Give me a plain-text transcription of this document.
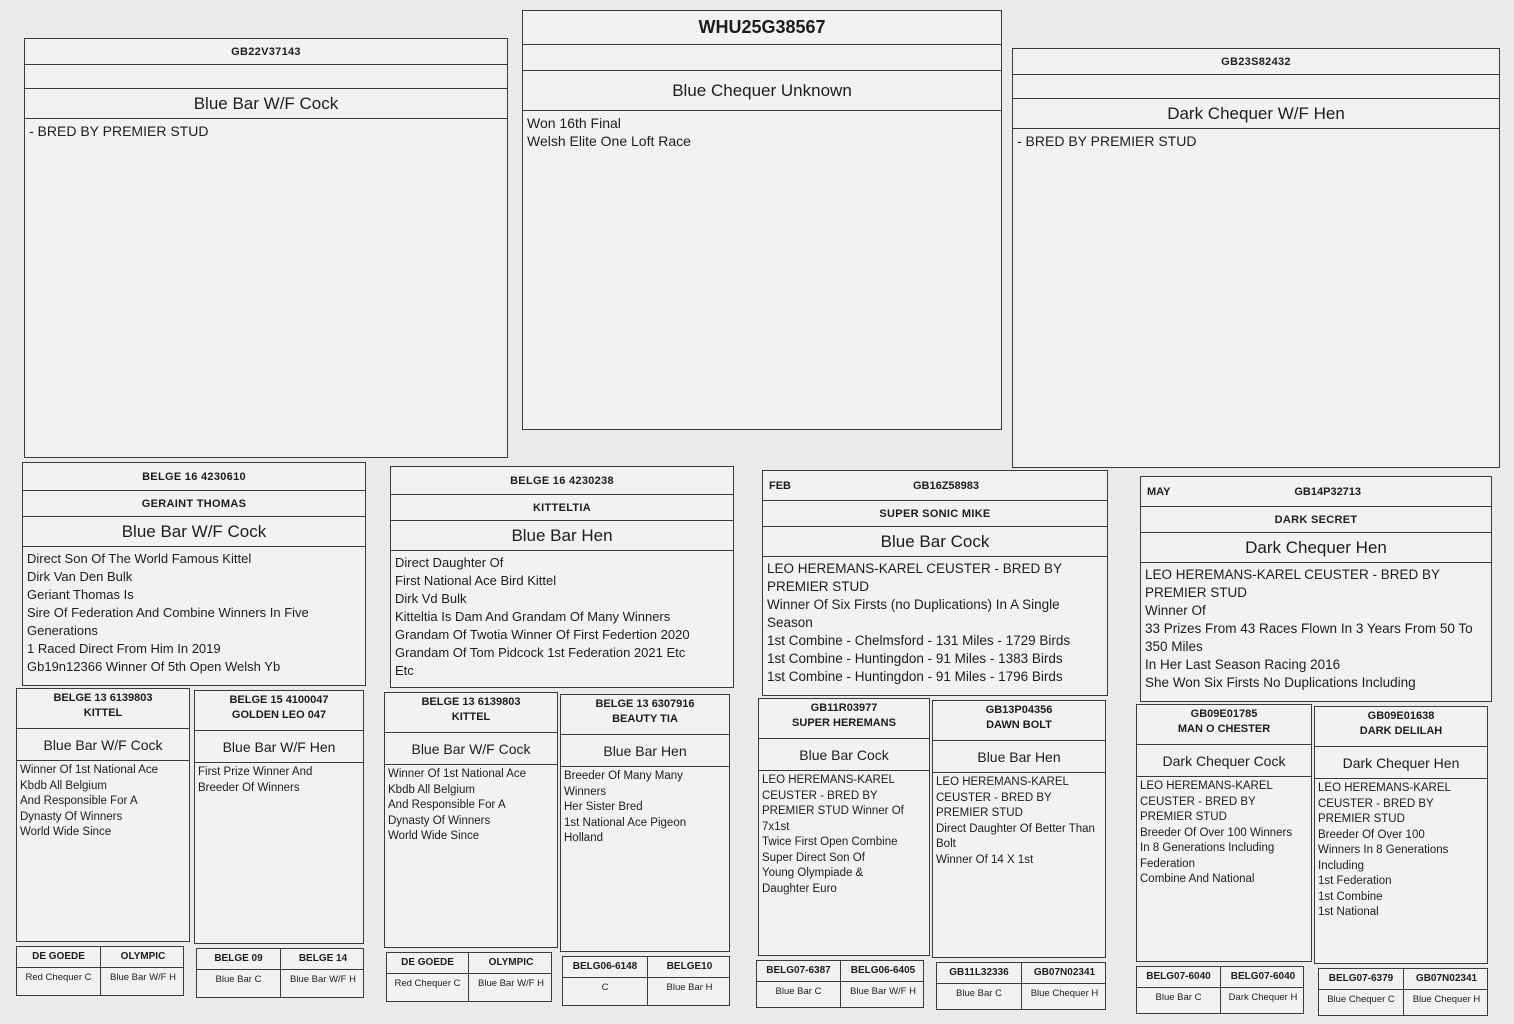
GB22V37143
Blue Bar W/F Cock
- BRED BY PREMIER STUD
WHU25G38567
Blue Chequer Unknown
Won 16th Final
Welsh Elite One Loft Race
GB23S82432
Dark Chequer W/F Hen
- BRED BY PREMIER STUD
BELGE 16 4230610
GERAINT THOMAS
Blue Bar W/F Cock
Direct Son Of The World Famous Kittel
Dirk Van Den Bulk
Geriant Thomas Is
Sire Of Federation And Combine Winners In Five Generations
1 Raced Direct From Him In 2019
Gb19n12366 Winner Of 5th Open Welsh Yb
BELGE 16 4230238
KITTELTIA
Blue Bar Hen
Direct Daughter Of
First National Ace Bird Kittel
Dirk Vd Bulk
Kitteltia Is Dam And Grandam Of Many Winners
Grandam Of Twotia Winner Of First Federtion 2020
Grandam Of Tom Pidcock 1st Federation 2021 Etc
Etc
FEB	GB16Z58983
SUPER SONIC MIKE
Blue Bar Cock
LEO HEREMANS-KAREL CEUSTER - BRED BY PREMIER STUD
Winner Of Six Firsts (no Duplications) In A Single Season
1st Combine - Chelmsford - 131 Miles - 1729 Birds
1st Combine - Huntingdon - 91 Miles - 1383 Birds
1st Combine - Huntingdon - 91 Miles - 1796 Birds
MAY	GB14P32713
DARK SECRET
Dark Chequer Hen
LEO HEREMANS-KAREL CEUSTER - BRED BY PREMIER STUD
Winner Of
33 Prizes From 43 Races Flown In 3 Years From 50 To 350 Miles
In Her Last Season Racing 2016
She Won Six Firsts No Duplications Including
BELGE 13 6139803
KITTEL
Blue Bar W/F Cock
Winner Of 1st National Ace
Kbdb All Belgium
And Responsible For A
Dynasty Of Winners
World Wide Since
BELGE 15 4100047
GOLDEN LEO 047
Blue Bar W/F Hen
First Prize Winner And
Breeder Of Winners
BELGE 13 6139803
KITTEL
Blue Bar W/F Cock
Winner Of 1st National Ace
Kbdb All Belgium
And Responsible For A
Dynasty Of Winners
World Wide Since
BELGE 13 6307916
BEAUTY TIA
Blue Bar Hen
Breeder Of Many Many
Winners
Her Sister Bred
1st National Ace Pigeon
Holland
GB11R03977
SUPER HEREMANS
Blue Bar Cock
LEO HEREMANS-KAREL CEUSTER - BRED BY PREMIER STUD Winner Of 7x1st
Twice First Open Combine
Super Direct Son Of
Young Olympiade &
Daughter Euro
GB13P04356
DAWN BOLT
Blue Bar Hen
LEO HEREMANS-KAREL CEUSTER - BRED BY PREMIER STUD
Direct Daughter Of Better Than Bolt
Winner Of 14 X 1st
GB09E01785
MAN O CHESTER
Dark Chequer Cock
LEO HEREMANS-KAREL CEUSTER - BRED BY PREMIER STUD
Breeder Of Over 100 Winners
In 8 Generations Including Federation
Combine And National
GB09E01638
DARK DELILAH
Dark Chequer Hen
LEO HEREMANS-KAREL CEUSTER - BRED BY PREMIER STUD
Breeder Of Over 100
Winners In 8 Generations
Including
1st Federation
1st Combine
1st National
DE GOEDE
Red Chequer C
OLYMPIC
Blue Bar W/F H
BELGE 09
Blue Bar C
BELGE 14
Blue Bar W/F H
DE GOEDE
Red Chequer C
OLYMPIC
Blue Bar W/F H
BELG06-6148
C
BELGE10
Blue Bar H
BELG07-6387
Blue Bar C
BELG06-6405
Blue Bar W/F H
GB11L32336
Blue Bar C
GB07N02341
Blue Chequer H
BELG07-6040
Blue Bar C
BELG07-6040
Dark Chequer H
BELG07-6379
Blue Chequer C
GB07N02341
Blue Chequer H
